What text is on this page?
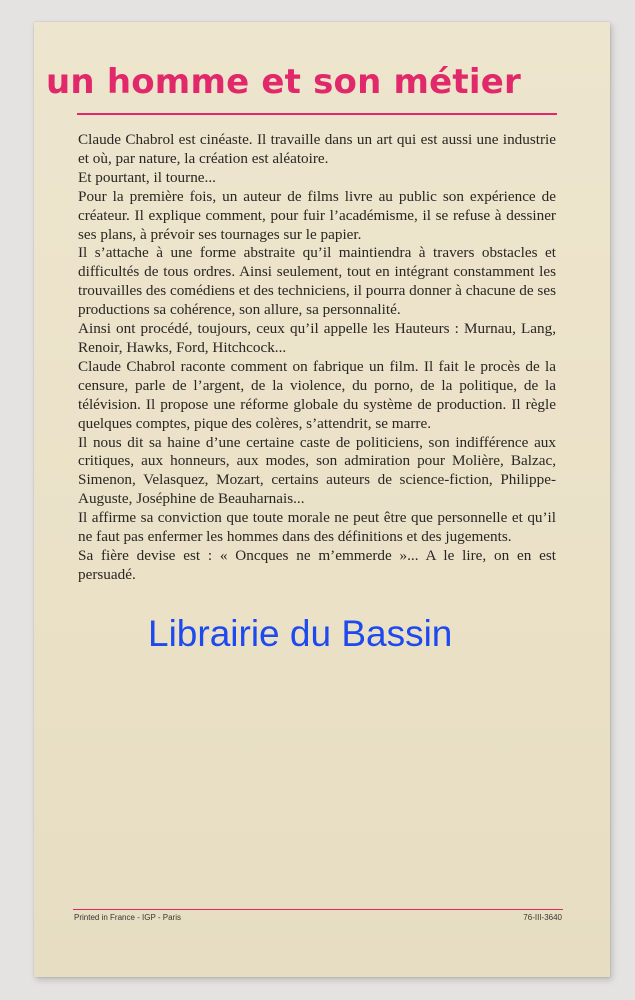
un homme et son métier

Claude Chabrol est cinéaste. Il travaille dans un art qui est aussi une industrie et où, par nature, la création est aléatoire.

Et pourtant, il tourne...

Pour la première fois, un auteur de films livre au public son expérience de créateur. Il explique comment, pour fuir l’académisme, il se refuse à dessiner ses plans, à prévoir ses tournages sur le papier.

Il s’attache à une forme abstraite qu’il maintiendra à travers obstacles et difficultés de tous ordres. Ainsi seulement, tout en intégrant constamment les trouvailles des comédiens et des techniciens, il pourra donner à chacune de ses productions sa cohérence, son allure, sa personnalité.

Ainsi ont procédé, toujours, ceux qu’il appelle les Hauteurs : Murnau, Lang, Renoir, Hawks, Ford, Hitchcock...

Claude Chabrol raconte comment on fabrique un film. Il fait le procès de la censure, parle de l’argent, de la violence, du porno, de la politique, de la télévision. Il propose une réforme globale du système de production. Il règle quelques comptes, pique des colères, s’attendrit, se marre.

Il nous dit sa haine d’une certaine caste de politiciens, son indifférence aux critiques, aux honneurs, aux modes, son admiration pour Molière, Balzac, Simenon, Velasquez, Mozart, certains auteurs de science-fiction, Philippe-Auguste, Joséphine de Beauharnais...

Il affirme sa conviction que toute morale ne peut être que personnelle et qu’il ne faut pas enfermer les hommes dans des définitions et des jugements.

Sa fière devise est : « Oncques ne m’emmerde »... A le lire, on en est persuadé.

Librairie du Bassin
Printed in France - IGP - Paris	76-III-3640
